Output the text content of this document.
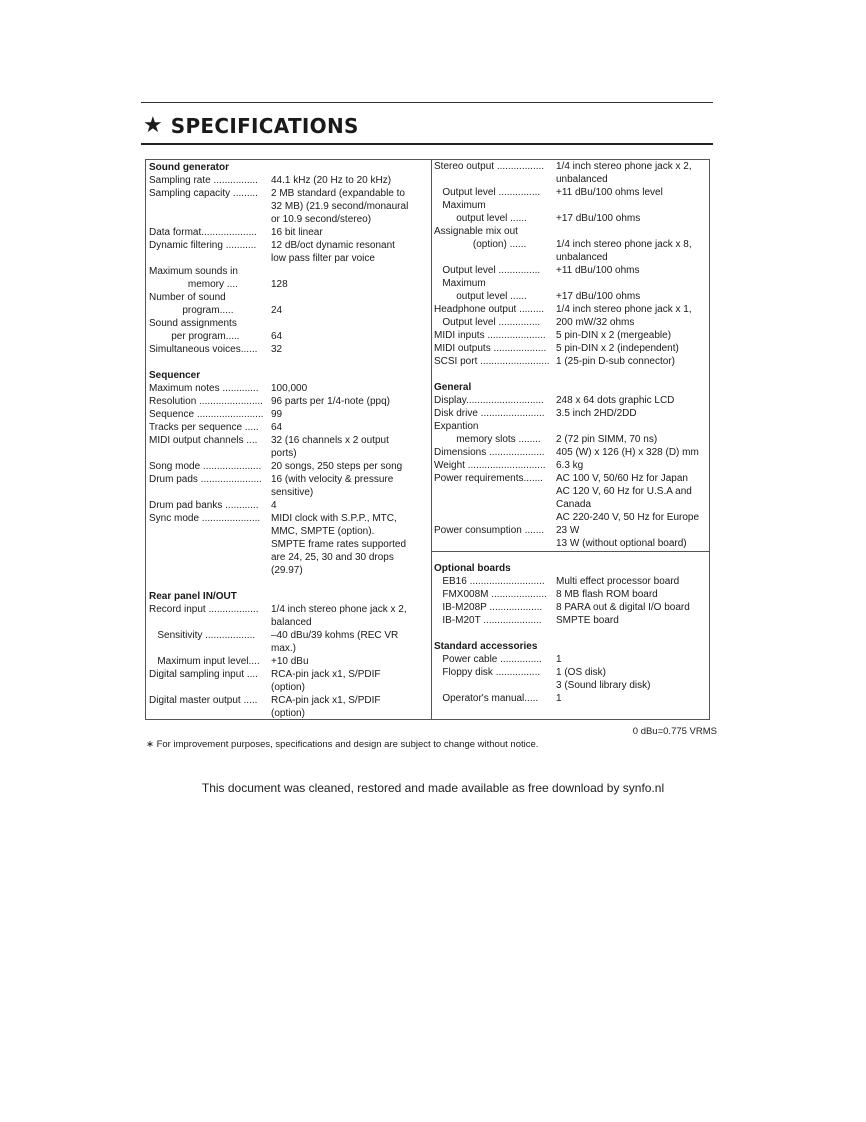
★ SPECIFICATIONS
Sound generator
Sampling rate ................	44.1 kHz (20 Hz to 20 kHz)
Sampling capacity .........	2 MB standard (expandable to
32 MB) (21.9 second/monaural
or 10.9 second/stereo)
Data format....................	16 bit linear
Dynamic filtering ...........	12 dB/oct dynamic resonant
low pass filter par voice
Maximum sounds in
memory ....	128
Number of sound
program.....	24
Sound assignments
per program.....	64
Simultaneous voices......	32
Sequencer
Maximum notes .............	100,000
Resolution ....................... 96 parts per 1/4-note (ppq)
Sequence ........................ 99
Tracks per sequence .....	64
MIDI output channels ....	32 (16 channels x 2 output
ports)
Song mode ..................... 20 songs, 250 steps per song
Drum pads ...................... 16 (with velocity & pressure
sensitive)
Drum pad banks ............	4
Sync mode .....................	MIDI clock with S.P.P., MTC,
MMC, SMPTE (option).
SMPTE frame rates supported
are 24, 25, 30 and 30 drops
(29.97)
Rear panel IN/OUT
Record input ..................	1/4 inch stereo phone jack x 2,
balanced
Sensitivity ..................	–40 dBu/39 kohms (REC VR
max.)
Maximum input level....	+10 dBu
Digital sampling input ....	RCA-pin jack x1, S/PDIF
(option)
Digital master output .....	RCA-pin jack x1, S/PDIF
(option)
Stereo output .................	1/4 inch stereo phone jack x 2,
unbalanced
Output level ...............	+11 dBu/100 ohms level
Maximum
output level ......	+17 dBu/100 ohms
Assignable mix out
(option) ......	1/4 inch stereo phone jack x 8,
unbalanced
Output level ...............	+11 dBu/100 ohms
Maximum
output level ......	+17 dBu/100 ohms
Headphone output .........	1/4 inch stereo phone jack x 1,
Output level ...............	200 mW/32 ohms
MIDI inputs .....................	5 pin-DIN x 2 (mergeable)
MIDI outputs ................... 5 pin-DIN x 2 (independent)
SCSI port ......................... 1 (25-pin D-sub connector)
General
Display............................	248 x 64 dots graphic LCD
Disk drive .......................	3.5 inch 2HD/2DD
Expantion
memory slots ........	2 (72 pin SIMM, 70 ns)
Dimensions ....................	405 (W) x 126 (H) x 328 (D) mm
Weight ............................	6.3 kg
Power requirements.......	AC 100 V, 50/60 Hz for Japan
AC 120 V, 60 Hz for U.S.A and
Canada
AC 220-240 V, 50 Hz for Europe
Power consumption .......	23 W
13 W (without optional board)
Optional boards
EB16 ...........................	Multi effect processor board
FMX008M .................... 8 MB flash ROM board
IB-M208P ...................	8 PARA out & digital I/O board
IB-M20T .....................	SMPTE board
Standard accessories
Power cable ...............	1
Floppy disk ................	1 (OS disk)
3 (Sound library disk)
Operator's manual.....	1
0 dBu=0.775 VRMS
∗ For improvement purposes, specifications and design are subject to change without notice.
This document was cleaned, restored and made available as free download by synfo.nl
